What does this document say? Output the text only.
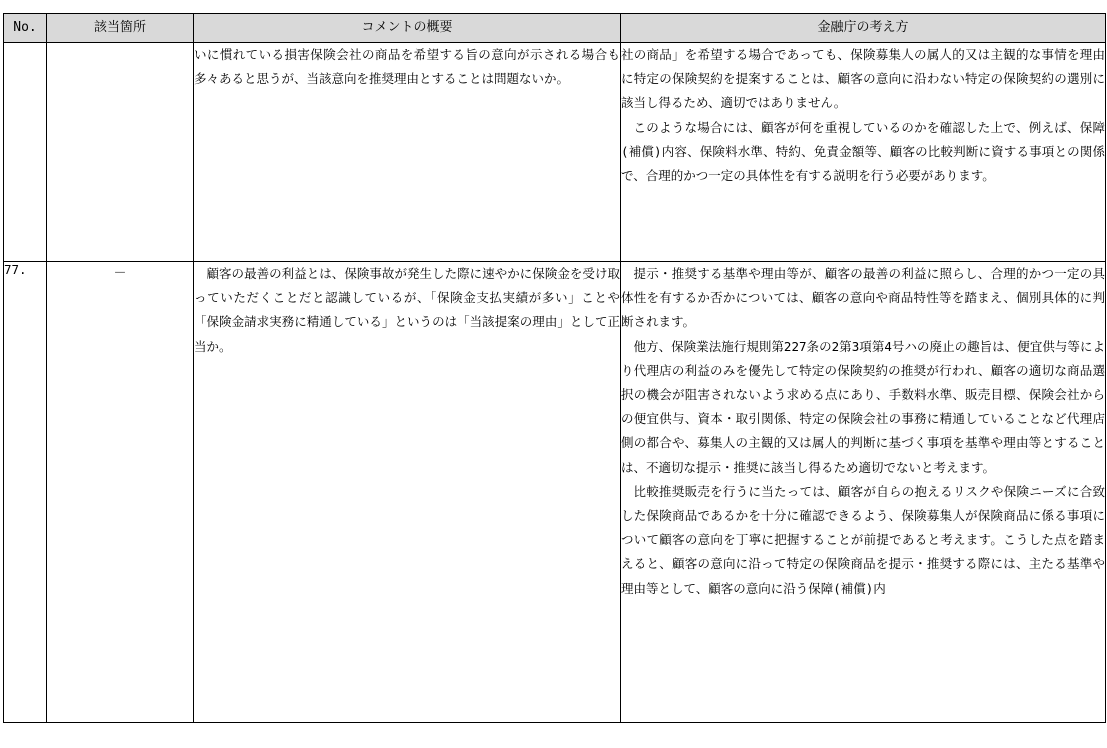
No.	該当箇所	コメントの概要	金融庁の考え方

		いに慣れている損害保険会社の商品を希望する旨の意向が示される場合も多々あると思うが、当該意向を推奨理由とすることは問題ないか。	社の商品」を希望する場合であっても、保険募集人の属人的又は主観的な事情を理由に特定の保険契約を提案することは、顧客の意向に沿わない特定の保険契約の選別に該当し得るため、適切ではありません。
このような場合には、顧客が何を重視しているのかを確認した上で、例えば、保障(補償)内容、保険料水準、特約、免責金額等、顧客の比較判断に資する事項との関係で、合理的かつ一定の具体性を有する説明を行う必要があります。

77.	－	顧客の最善の利益とは、保険事故が発生した際に速やかに保険金を受け取っていただくことだと認識しているが、「保険金支払実績が多い」ことや「保険金請求実務に精通している」というのは「当該提案の理由」として正当か。	提示・推奨する基準や理由等が、顧客の最善の利益に照らし、合理的かつ一定の具体性を有するか否かについては、顧客の意向や商品特性等を踏まえ、個別具体的に判断されます。
他方、保険業法施行規則第227条の2第3項第4号ハの廃止の趣旨は、便宜供与等により代理店の利益のみを優先して特定の保険契約の推奨が行われ、顧客の適切な商品選択の機会が阻害されないよう求める点にあり、手数料水準、販売目標、保険会社からの便宜供与、資本・取引関係、特定の保険会社の事務に精通していることなど代理店側の都合や、募集人の主観的又は属人的判断に基づく事項を基準や理由等とすることは、不適切な提示・推奨に該当し得るため適切でないと考えます。
比較推奨販売を行うに当たっては、顧客が自らの抱えるリスクや保険ニーズに合致した保険商品であるかを十分に確認できるよう、保険募集人が保険商品に係る事項について顧客の意向を丁寧に把握することが前提であると考えます。こうした点を踏まえると、顧客の意向に沿って特定の保険商品を提示・推奨する際には、主たる基準や理由等として、顧客の意向に沿う保障(補償)内
